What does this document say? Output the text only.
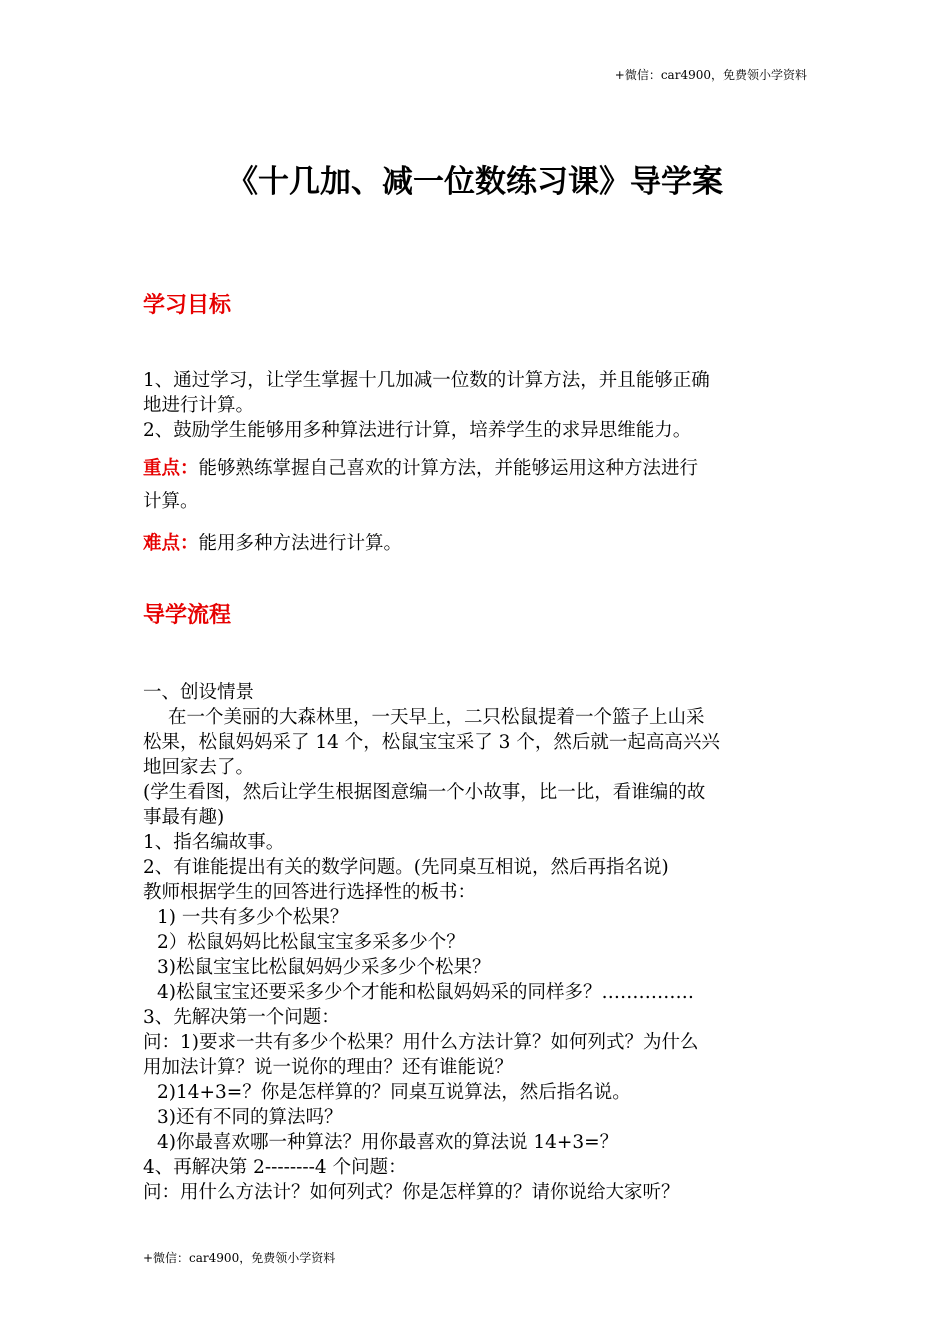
+微信：car4900，免费领小学资料

《十几加、减一位数练习课》导学案
学习目标
1、通过学习，让学生掌握十几加减一位数的计算方法，并且能够正确
地进行计算。
2、鼓励学生能够用多种算法进行计算，培养学生的求异思维能力。
重点：能够熟练掌握自己喜欢的计算方法，并能够运用这种方法进行
计算。
难点：能用多种方法进行计算。
导学流程
一、创设情景
在一个美丽的大森林里，一天早上，二只松鼠提着一个篮子上山采
松果，松鼠妈妈采了 14 个，松鼠宝宝采了 3 个，然后就一起高高兴兴
地回家去了。
(学生看图，然后让学生根据图意编一个小故事，比一比，看谁编的故
事最有趣)
1、指名编故事。
2、有谁能提出有关的数学问题。(先同桌互相说，然后再指名说)
教师根据学生的回答进行选择性的板书：
1) 一共有多少个松果？
2）松鼠妈妈比松鼠宝宝多采多少个？
3)松鼠宝宝比松鼠妈妈少采多少个松果？
4)松鼠宝宝还要采多少个才能和松鼠妈妈采的同样多？……………
3、先解决第一个问题：
问：1)要求一共有多少个松果？用什么方法计算？如何列式？为什么
用加法计算？说一说你的理由？还有谁能说？
2)14+3=？你是怎样算的？同桌互说算法，然后指名说。
3)还有不同的算法吗？
4)你最喜欢哪一种算法？用你最喜欢的算法说 14+3=？
4、再解决第 2--------4 个问题：
问：用什么方法计？如何列式？你是怎样算的？请你说给大家听？

+微信：car4900，免费领小学资料
